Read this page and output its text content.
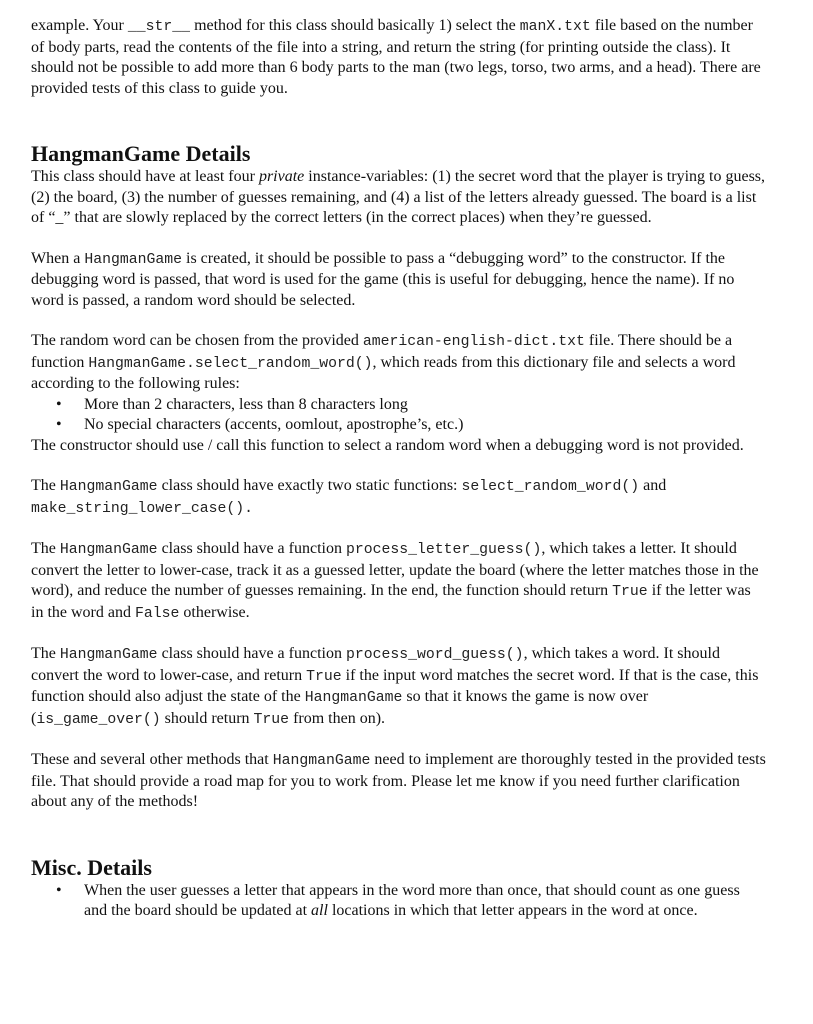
example. Your __str__ method for this class should basically 1) select the manX.txt file based on the number of body parts, read the contents of the file into a string, and return the string (for printing outside the class). It should not be possible to add more than 6 body parts to the man (two legs, torso, two arms, and a head). There are provided tests of this class to guide you.

HangmanGame Details

This class should have at least four private instance-variables: (1) the secret word that the player is trying to guess, (2) the board, (3) the number of guesses remaining, and (4) a list of the letters already guessed. The board is a list of “_” that are slowly replaced by the correct letters (in the correct places) when they’re guessed.

When a HangmanGame is created, it should be possible to pass a “debugging word” to the constructor. If the debugging word is passed, that word is used for the game (this is useful for debugging, hence the name). If no word is passed, a random word should be selected.

The random word can be chosen from the provided american-english-dict.txt file. There should be a function HangmanGame.select_random_word(), which reads from this dictionary file and selects a word according to the following rules:

• More than 2 characters, less than 8 characters long
• No special characters (accents, oomlout, apostrophe’s, etc.)

The constructor should use / call this function to select a random word when a debugging word is not provided.

The HangmanGame class should have exactly two static functions: select_random_word() and make_string_lower_case().

The HangmanGame class should have a function process_letter_guess(), which takes a letter. It should convert the letter to lower-case, track it as a guessed letter, update the board (where the letter matches those in the word), and reduce the number of guesses remaining. In the end, the function should return True if the letter was in the word and False otherwise.

The HangmanGame class should have a function process_word_guess(), which takes a word. It should convert the word to lower-case, and return True if the input word matches the secret word. If that is the case, this function should also adjust the state of the HangmanGame so that it knows the game is now over (is_game_over() should return True from then on).

These and several other methods that HangmanGame need to implement are thoroughly tested in the provided tests file. That should provide a road map for you to work from. Please let me know if you need further clarification about any of the methods!

Misc. Details
• When the user guesses a letter that appears in the word more than once, that should count as one guess and the board should be updated at all locations in which that letter appears in the word at once.
